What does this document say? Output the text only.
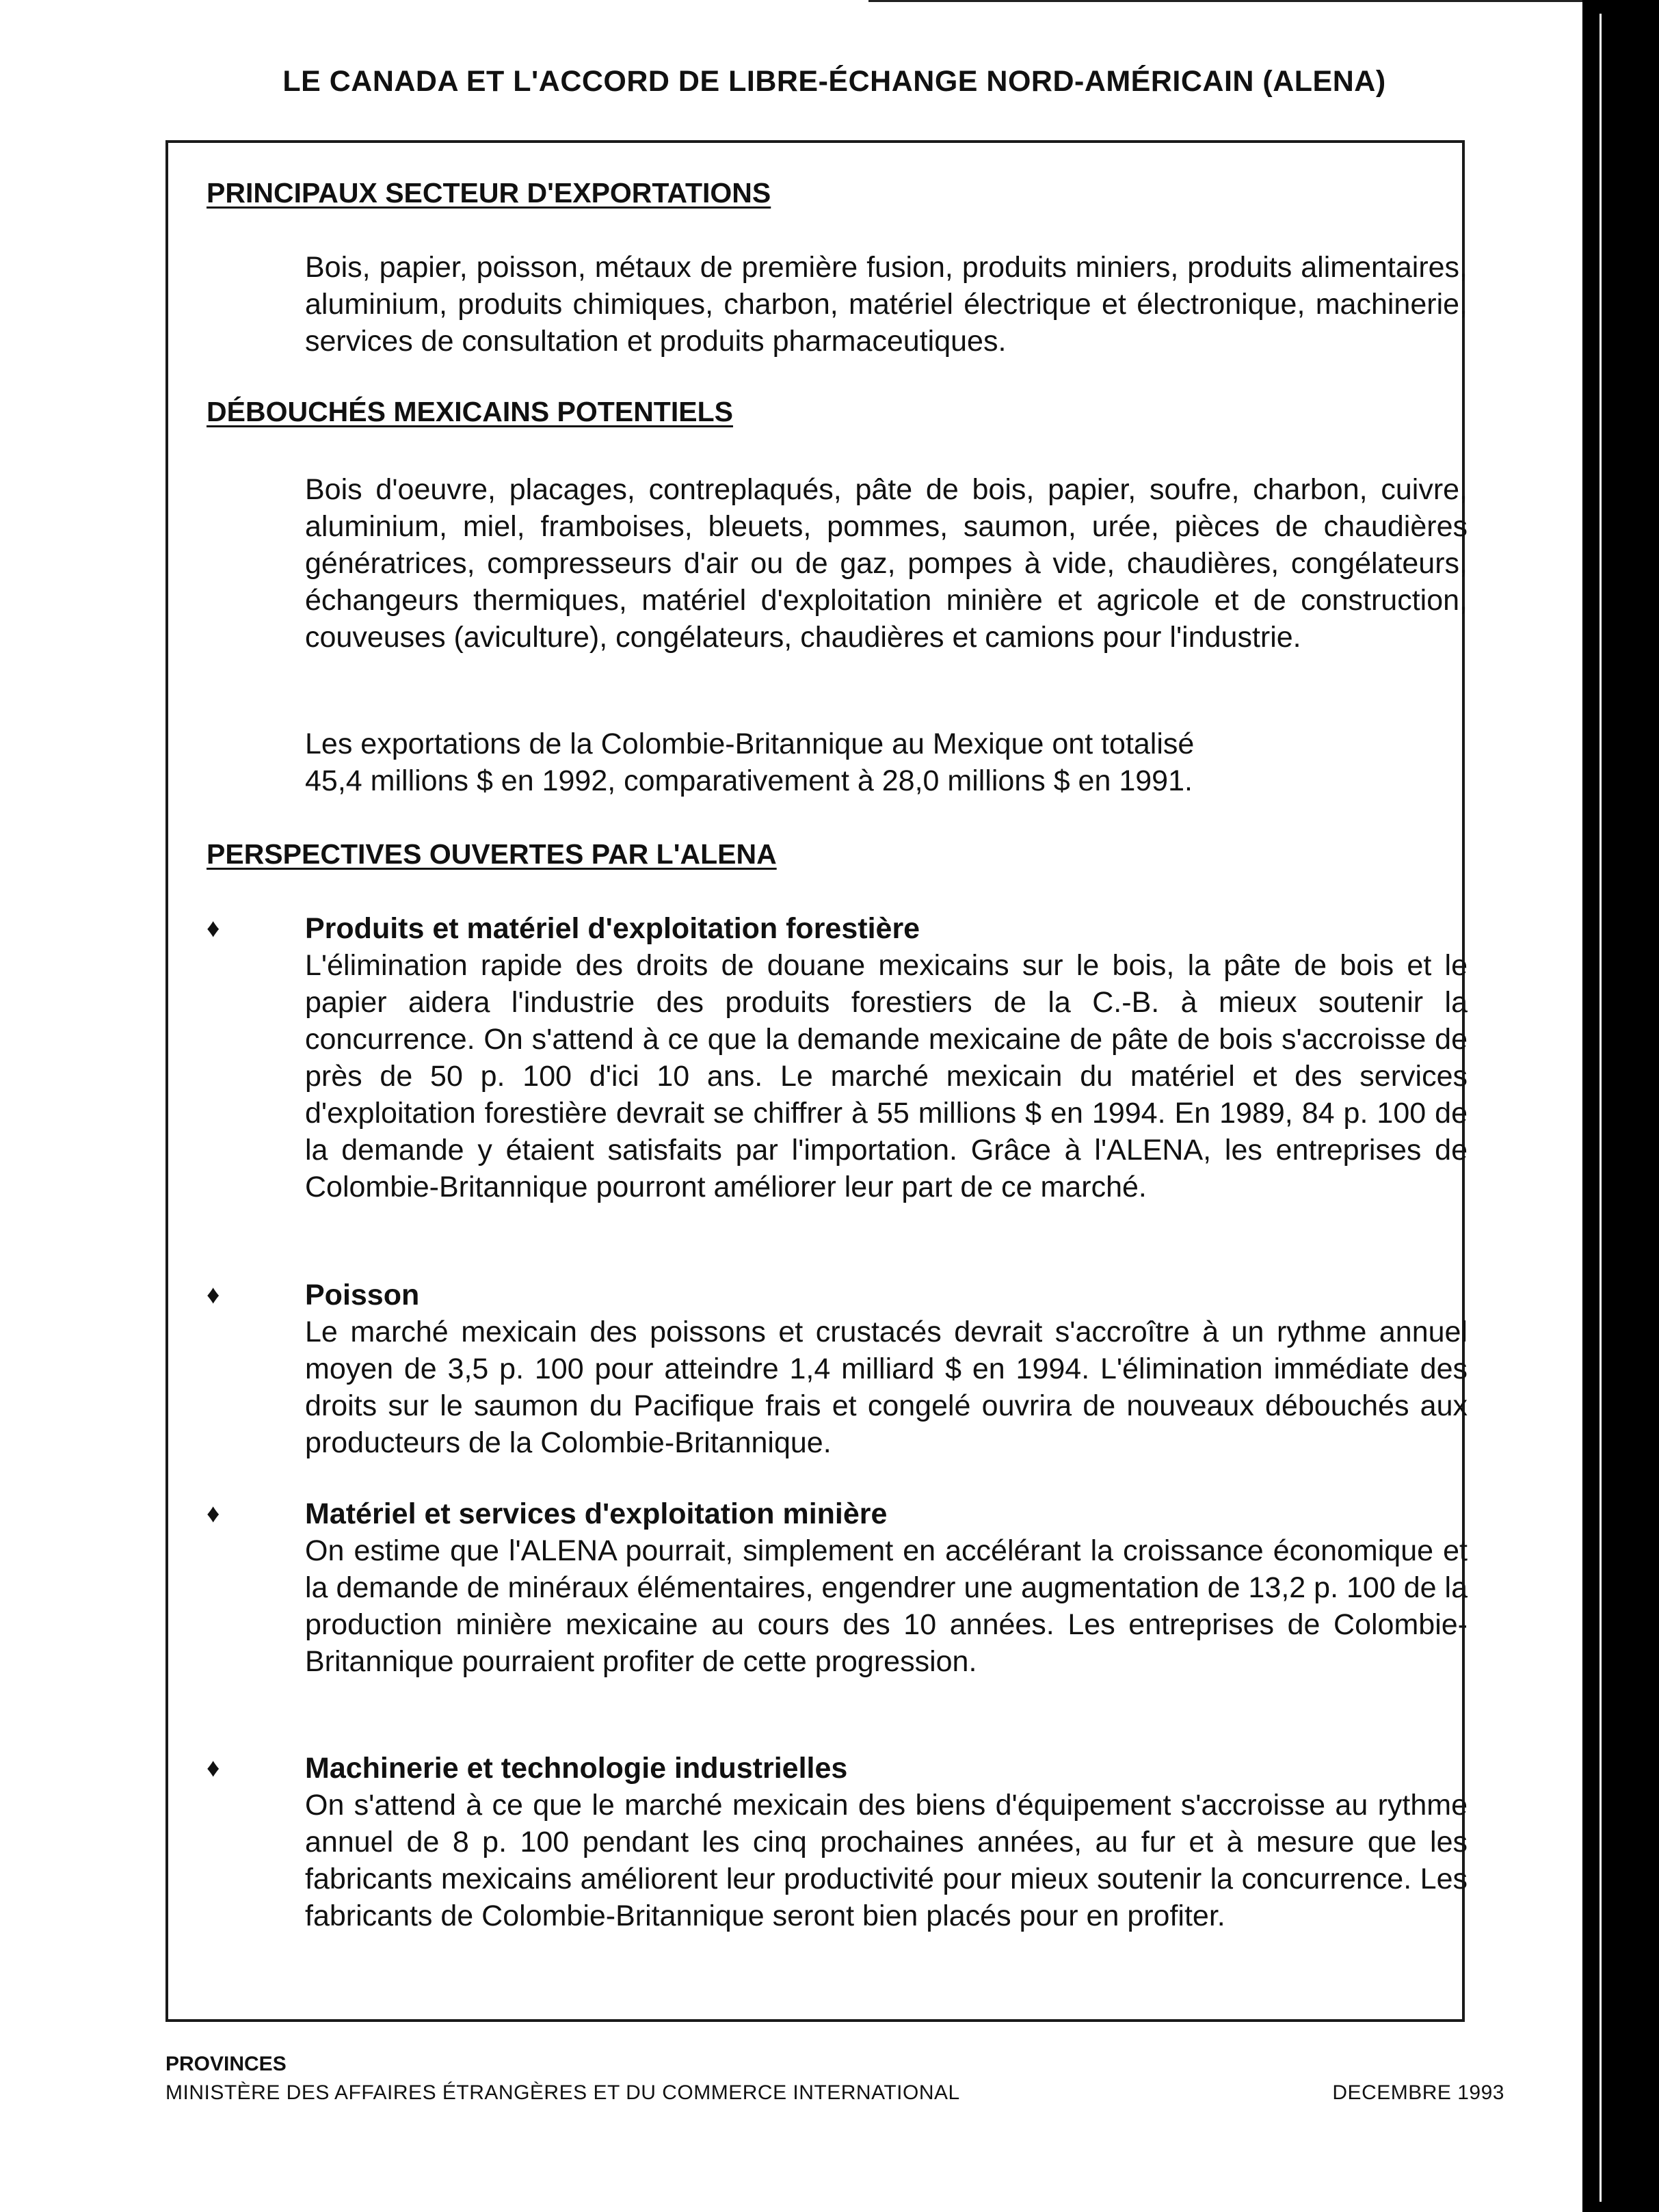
LE CANADA ET L'ACCORD DE LIBRE-ÉCHANGE NORD-AMÉRICAIN (ALENA)
PRINCIPAUX SECTEUR D'EXPORTATIONS

Bois, papier, poisson, métaux de première fusion, produits miniers, produits alimentaires, aluminium, produits chimiques, charbon, matériel électrique et électronique, machinerie, services de consultation et produits pharmaceutiques.

DÉBOUCHÉS MEXICAINS POTENTIELS

Bois d'oeuvre, placages, contreplaqués, pâte de bois, papier, soufre, charbon, cuivre, aluminium, miel, framboises, bleuets, pommes, saumon, urée, pièces de chaudières génératrices, compresseurs d'air ou de gaz, pompes à vide, chaudières, congélateurs, échangeurs thermiques, matériel d'exploitation minière et agricole et de construction, couveuses (aviculture), congélateurs, chaudières et camions pour l'industrie.

Les exportations de la Colombie-Britannique au Mexique ont totalisé
45,4 millions $ en 1992, comparativement à 28,0 millions $ en 1991.
PERSPECTIVES OUVERTES PAR L'ALENA
♦	Produits et matériel d'exploitation forestière

L'élimination rapide des droits de douane mexicains sur le bois, la pâte de bois et le papier aidera l'industrie des produits forestiers de la C.-B. à mieux soutenir la concurrence. On s'attend à ce que la demande mexicaine de pâte de bois s'accroisse de près de 50 p. 100 d'ici 10 ans. Le marché mexicain du matériel et des services d'exploitation forestière devrait se chiffrer à 55 millions $ en 1994. En 1989, 84 p. 100 de la demande y étaient satisfaits par l'importation. Grâce à l'ALENA, les entreprises de Colombie-Britannique pourront améliorer leur part de ce marché.

♦	Poisson

Le marché mexicain des poissons et crustacés devrait s'accroître à un rythme annuel moyen de 3,5 p. 100 pour atteindre 1,4 milliard $ en 1994. L'élimination immédiate des droits sur le saumon du Pacifique frais et congelé ouvrira de nouveaux débouchés aux producteurs de la Colombie-Britannique.

♦	Matériel et services d'exploitation minière

On estime que l'ALENA pourrait, simplement en accélérant la croissance économique et la demande de minéraux élémentaires, engendrer une augmentation de 13,2 p. 100 de la production minière mexicaine au cours des 10 années. Les entreprises de Colombie-Britannique pourraient profiter de cette progression.

♦	Machinerie et technologie industrielles

On s'attend à ce que le marché mexicain des biens d'équipement s'accroisse au rythme annuel de 8 p. 100 pendant les cinq prochaines années, au fur et à mesure que les fabricants mexicains améliorent leur productivité pour mieux soutenir la concurrence. Les fabricants de Colombie-Britannique seront bien placés pour en profiter.

PROVINCES
MINISTÈRE DES AFFAIRES ÉTRANGÈRES ET DU COMMERCE INTERNATIONAL	DECEMBRE 1993
